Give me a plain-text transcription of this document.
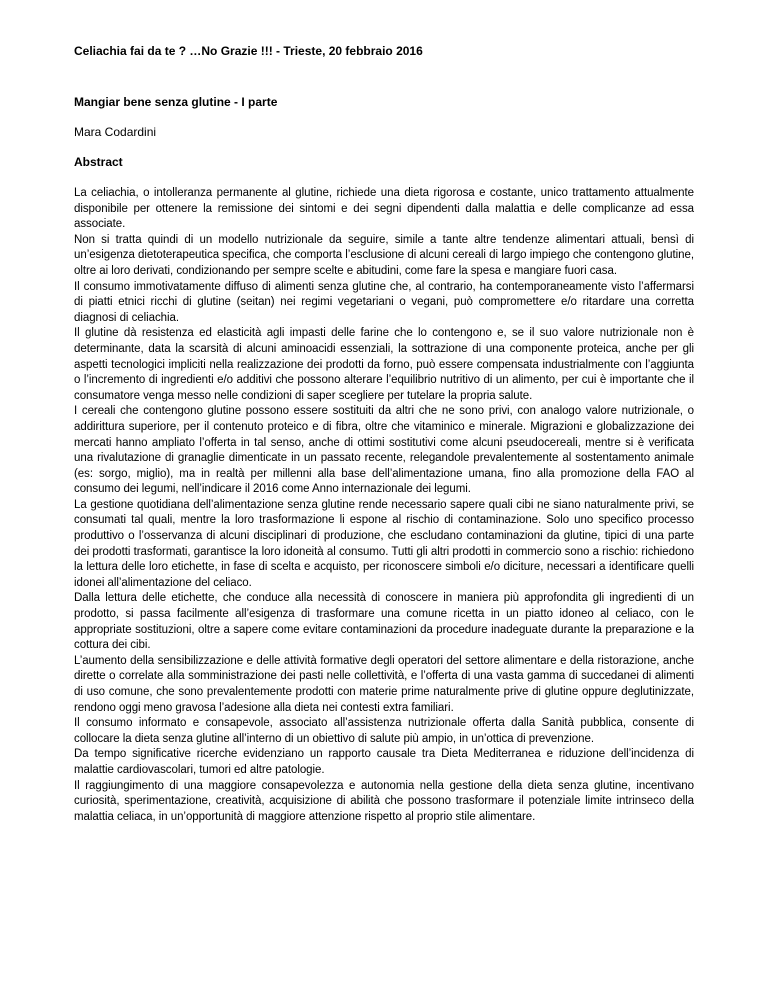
Celiachia fai da te ? …No Grazie !!! - Trieste, 20 febbraio 2016

Mangiar bene senza glutine - I parte

Mara Codardini

Abstract

La celiachia, o intolleranza permanente al glutine, richiede una dieta rigorosa e costante, unico trattamento attualmente disponibile per ottenere la remissione dei sintomi e dei segni dipendenti dalla malattia e delle complicanze ad essa associate.

Non si tratta quindi di un modello nutrizionale da seguire, simile a tante altre tendenze alimentari attuali, bensì di un’esigenza dietoterapeutica specifica, che comporta l’esclusione di alcuni cereali di largo impiego che contengono glutine, oltre ai loro derivati, condizionando per sempre scelte e abitudini, come fare la spesa e mangiare fuori casa.

Il consumo immotivatamente diffuso di alimenti senza glutine che, al contrario, ha contemporaneamente visto l’affermarsi di piatti etnici ricchi di glutine (seitan) nei regimi vegetariani o vegani, può compromettere e/o ritardare una corretta diagnosi di celiachia.

Il glutine dà resistenza ed elasticità agli impasti delle farine che lo contengono e, se il suo valore nutrizionale non è determinante, data la scarsità di alcuni aminoacidi essenziali, la sottrazione di una componente proteica, anche per gli aspetti tecnologici impliciti nella realizzazione dei prodotti da forno, può essere compensata industrialmente con l’aggiunta o l’incremento di ingredienti e/o additivi che possono alterare l’equilibrio nutritivo di un alimento, per cui è importante che il consumatore venga messo nelle condizioni di saper scegliere per tutelare la propria salute.

I cereali che contengono glutine possono essere sostituiti da altri che ne sono privi, con analogo valore nutrizionale, o addirittura superiore, per il contenuto proteico e di fibra, oltre che vitaminico e minerale. Migrazioni e globalizzazione dei mercati hanno ampliato l’offerta in tal senso, anche di ottimi sostitutivi come alcuni pseudocereali, mentre si è verificata una rivalutazione di granaglie dimenticate in un passato recente, relegandole prevalentemente al sostentamento animale (es: sorgo, miglio), ma in realtà per millenni alla base dell’alimentazione umana, fino alla promozione della FAO al consumo dei legumi, nell’indicare il 2016 come Anno internazionale dei legumi.

La gestione quotidiana dell’alimentazione senza glutine rende necessario sapere quali cibi ne siano naturalmente privi, se consumati tal quali, mentre la loro trasformazione li espone al rischio di contaminazione. Solo uno specifico processo produttivo o l’osservanza di alcuni disciplinari di produzione, che escludano contaminazioni da glutine, tipici di una parte dei prodotti trasformati, garantisce la loro idoneità al consumo. Tutti gli altri prodotti in commercio sono a rischio: richiedono la lettura delle loro etichette, in fase di scelta e acquisto, per riconoscere simboli e/o diciture, necessari a identificare quelli idonei all’alimentazione del celiaco.

Dalla lettura delle etichette, che conduce alla necessità di conoscere in maniera più approfondita gli ingredienti di un prodotto, si passa facilmente all’esigenza di trasformare una comune ricetta in un piatto idoneo al celiaco, con le appropriate sostituzioni, oltre a sapere come evitare contaminazioni da procedure inadeguate durante la preparazione e la cottura dei cibi.

L’aumento della sensibilizzazione e delle attività formative degli operatori del settore alimentare e della ristorazione, anche dirette o correlate alla somministrazione dei pasti nelle collettività, e l’offerta di una vasta gamma di succedanei di alimenti di uso comune, che sono prevalentemente prodotti con materie prime naturalmente prive di glutine oppure deglutinizzate, rendono oggi meno gravosa l’adesione alla dieta nei contesti extra familiari.

Il consumo informato e consapevole, associato all’assistenza nutrizionale offerta dalla Sanità pubblica, consente di collocare la dieta senza glutine all’interno di un obiettivo di salute più ampio, in un’ottica di prevenzione.

Da tempo significative ricerche evidenziano un rapporto causale tra Dieta Mediterranea e riduzione dell’incidenza di malattie cardiovascolari, tumori ed altre patologie.

Il raggiungimento di una maggiore consapevolezza e autonomia nella gestione della dieta senza glutine, incentivano curiosità, sperimentazione, creatività, acquisizione di abilità che possono trasformare il potenziale limite intrinseco della malattia celiaca, in un’opportunità di maggiore attenzione rispetto al proprio stile alimentare.
